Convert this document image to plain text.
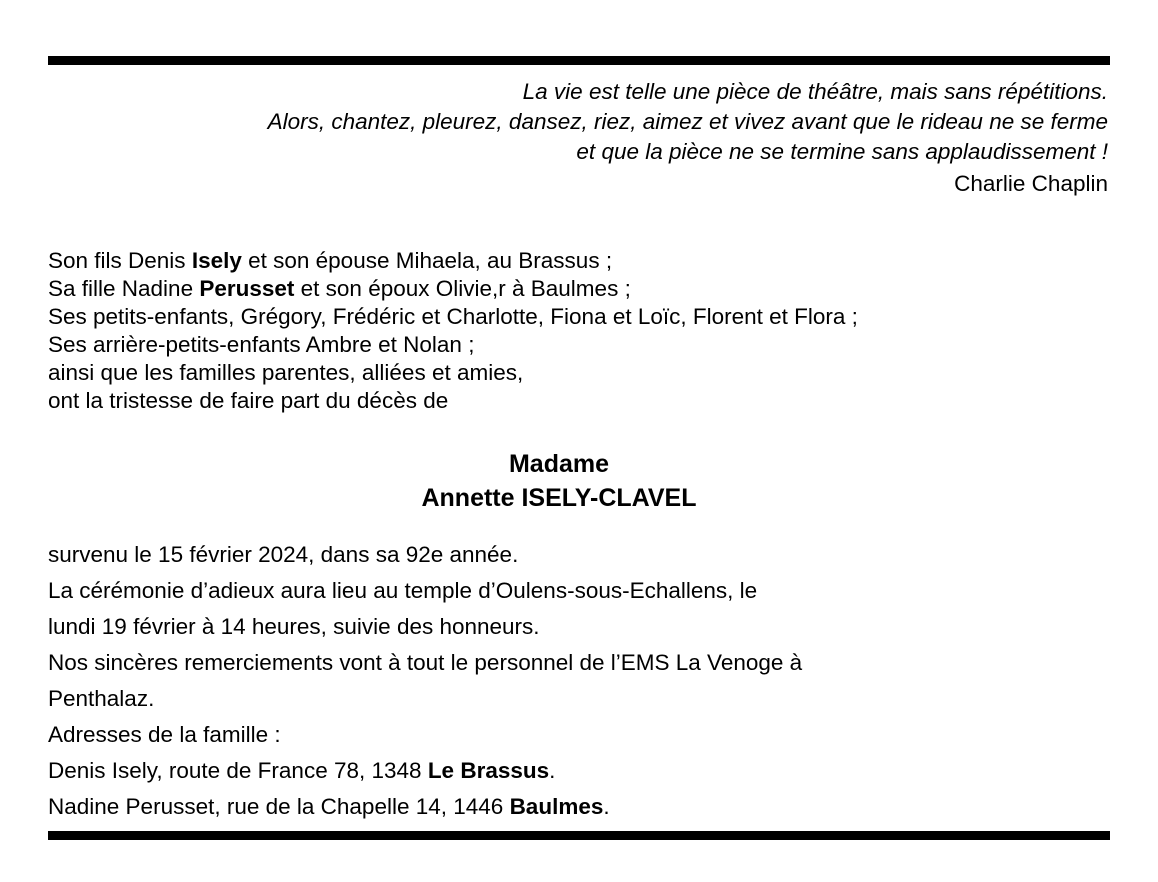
La vie est telle une pièce de théâtre, mais sans répétitions.
Alors, chantez, pleurez, dansez, riez, aimez et vivez avant que le rideau ne se ferme
et que la pièce ne se termine sans applaudissement !
Charlie Chaplin
Son fils Denis Isely et son épouse Mihaela, au Brassus ;
Sa fille Nadine Perusset et son époux Olivie,r à Baulmes ;
Ses petits-enfants, Grégory, Frédéric et Charlotte, Fiona et Loïc, Florent et Flora ;
Ses arrière-petits-enfants Ambre et Nolan ;
ainsi que les familles parentes, alliées et amies,
ont la tristesse de faire part du décès de
Madame
Annette ISELY-CLAVEL
survenu le 15 février 2024, dans sa 92e année.
La cérémonie d’adieux aura lieu au temple d’Oulens-sous-Echallens, le
lundi 19 février à 14 heures, suivie des honneurs.
Nos sincères remerciements vont à tout le personnel de l’EMS La Venoge à
Penthalaz.
Adresses de la famille :
Denis Isely, route de France 78, 1348 Le Brassus.
Nadine Perusset, rue de la Chapelle 14, 1446 Baulmes.
